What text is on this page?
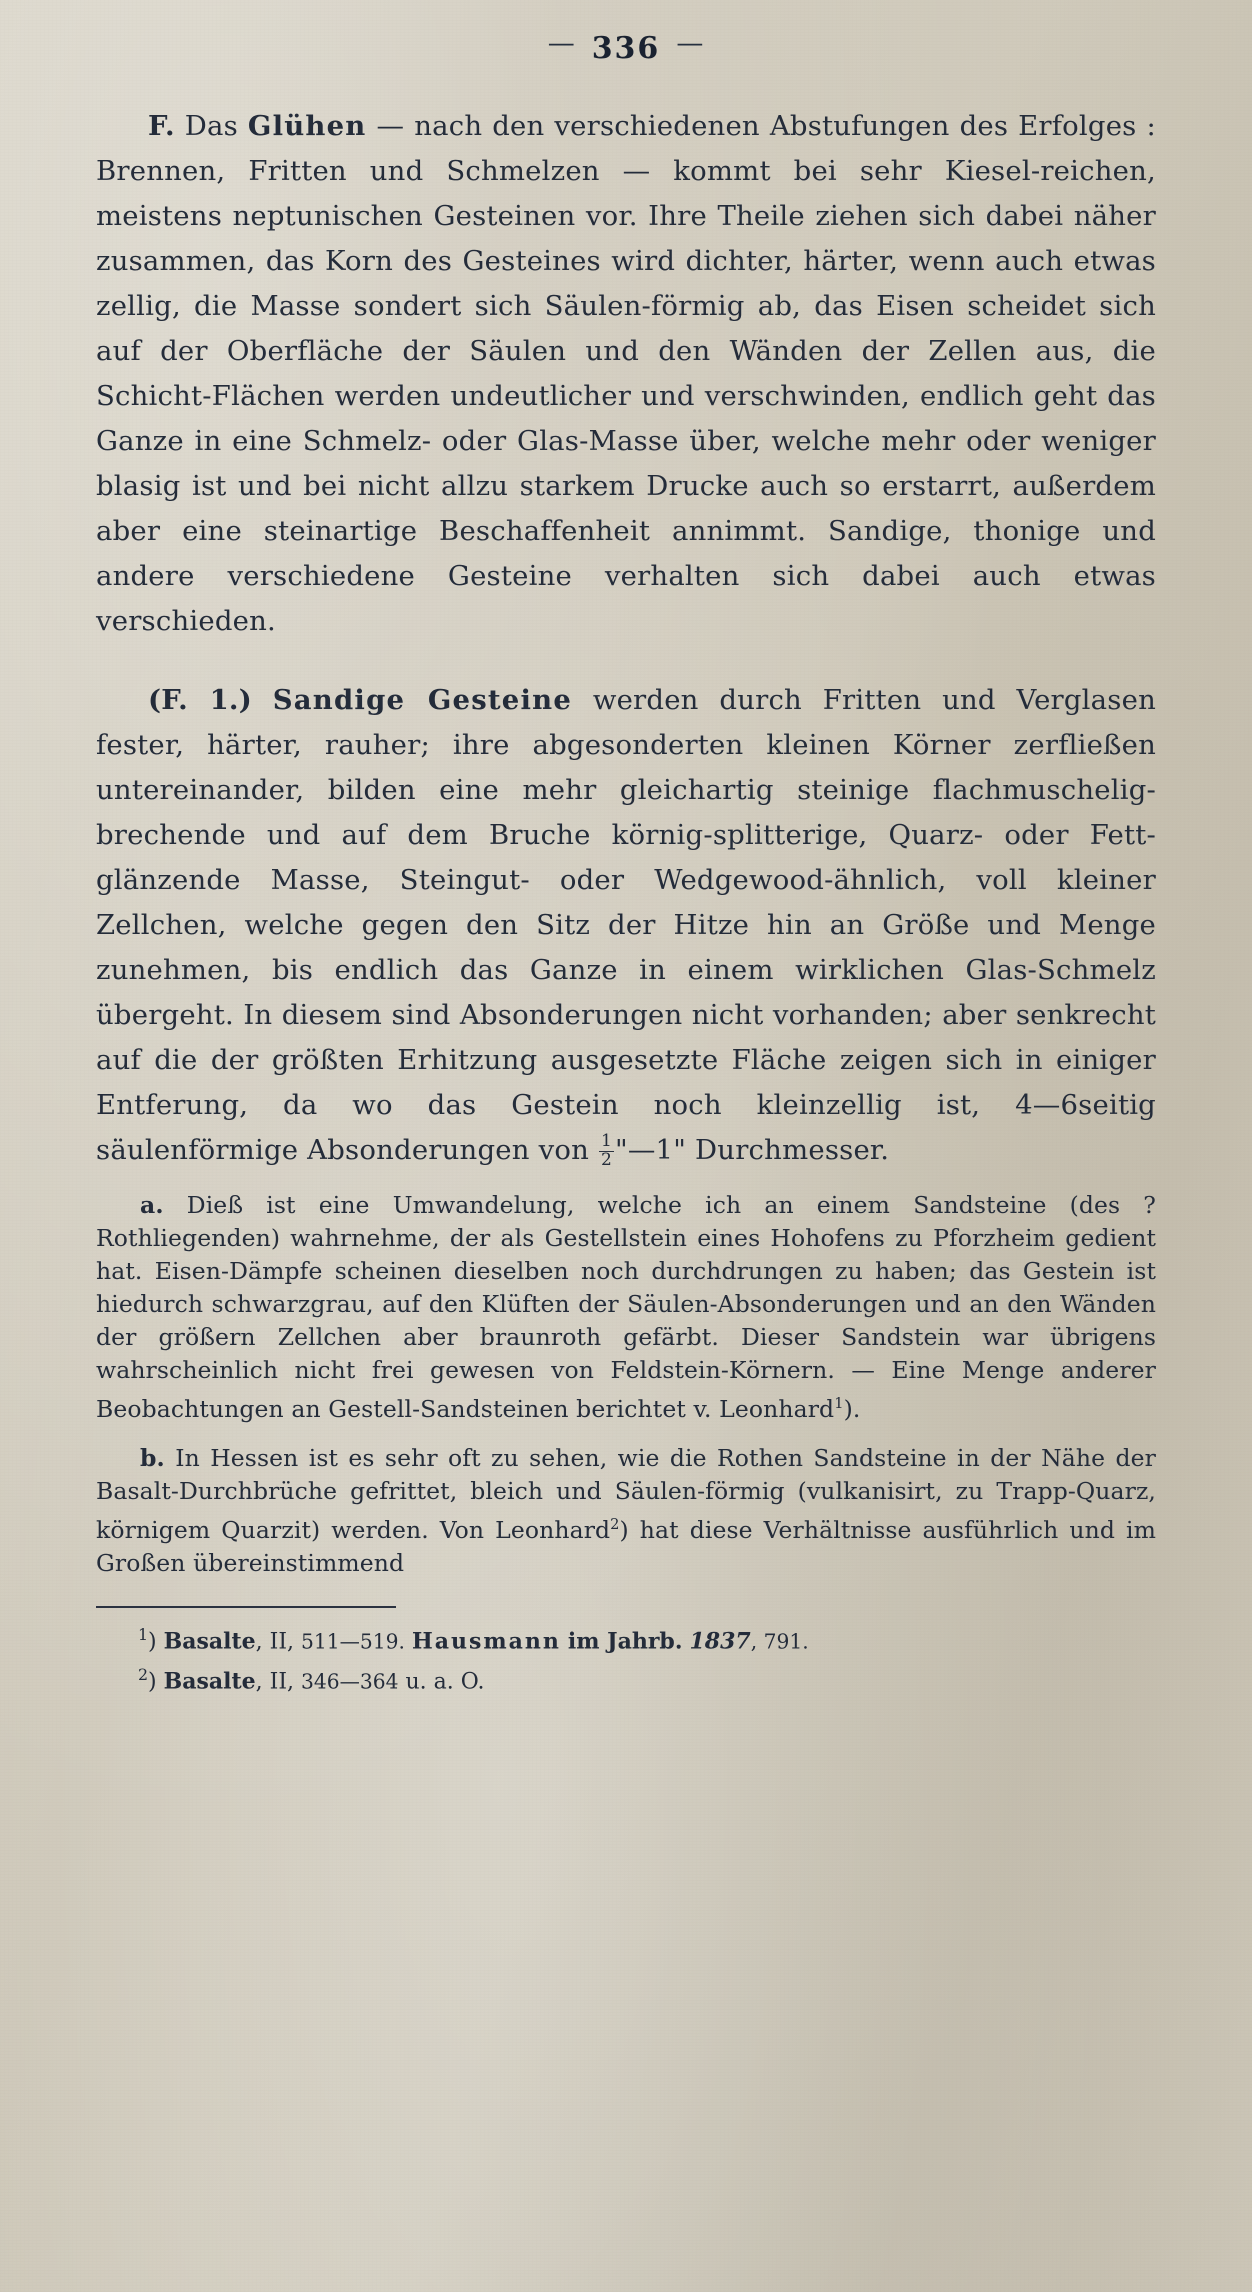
— 336 —

F. Das Glühen — nach den verschiedenen Abstufungen des Erfolges : Brennen, Fritten und Schmelzen — kommt bei sehr Kiesel-reichen, meistens neptunischen Gesteinen vor. Ihre Theile ziehen sich dabei näher zusammen, das Korn des Gesteines wird dichter, härter, wenn auch etwas zellig, die Masse sondert sich Säulen-förmig ab, das Eisen scheidet sich auf der Oberfläche der Säulen und den Wänden der Zellen aus, die Schicht-Flächen werden undeutlicher und verschwinden, endlich geht das Ganze in eine Schmelz- oder Glas-Masse über, welche mehr oder weniger blasig ist und bei nicht allzu starkem Drucke auch so erstarrt, außerdem aber eine steinartige Beschaffenheit annimmt. Sandige, thonige und andere verschiedene Gesteine verhalten sich dabei auch etwas verschieden.

(F. 1.) Sandige Gesteine werden durch Fritten und Verglasen fester, härter, rauher; ihre abgesonderten kleinen Körner zerfließen untereinander, bilden eine mehr gleichartig steinige flachmuschelig-brechende und auf dem Bruche körnig-splitterige, Quarz- oder Fett-glänzende Masse, Steingut- oder Wedgewood-ähnlich, voll kleiner Zellchen, welche gegen den Sitz der Hitze hin an Größe und Menge zunehmen, bis endlich das Ganze in einem wirklichen Glas-Schmelz übergeht. In diesem sind Absonderungen nicht vorhanden; aber senkrecht auf die der größten Erhitzung ausgesetzte Fläche zeigen sich in einiger Entferung, da wo das Gestein noch kleinzellig ist, 4—6seitig säulenförmige Absonderungen von $\frac{1}{2}$ "—1" Durchmesser.

a. Dieß ist eine Umwandelung, welche ich an einem Sandsteine (des ?Rothliegenden) wahrnehme, der als Gestellstein eines Hohofens zu Pforzheim gedient hat. Eisen-Dämpfe scheinen dieselben noch durchdrungen zu haben; das Gestein ist hiedurch schwarzgrau, auf den Klüften der Säulen-Absonderungen und an den Wänden der größern Zellchen aber braunroth gefärbt. Dieser Sandstein war übrigens wahrscheinlich nicht frei gewesen von Feldstein-Körnern. — Eine Menge anderer Beobachtungen an Gestell-Sandsteinen berichtet v. Leonhard$^1$).

b. In Hessen ist es sehr oft zu sehen, wie die Rothen Sandsteine in der Nähe der Basalt-Durchbrüche gefrittet, bleich und Säulen-förmig (vulkanisirt, zu Trapp-Quarz, körnigem Quarzit) werden. Von Leonhard$^2$) hat diese Verhältnisse ausführlich und im Großen übereinstimmend

$^1$) Basalte, II, 511—519. Hausmann im Jahrb. 1837, 791.
$^2$) Basalte, II, 346—364 u. a. O.
